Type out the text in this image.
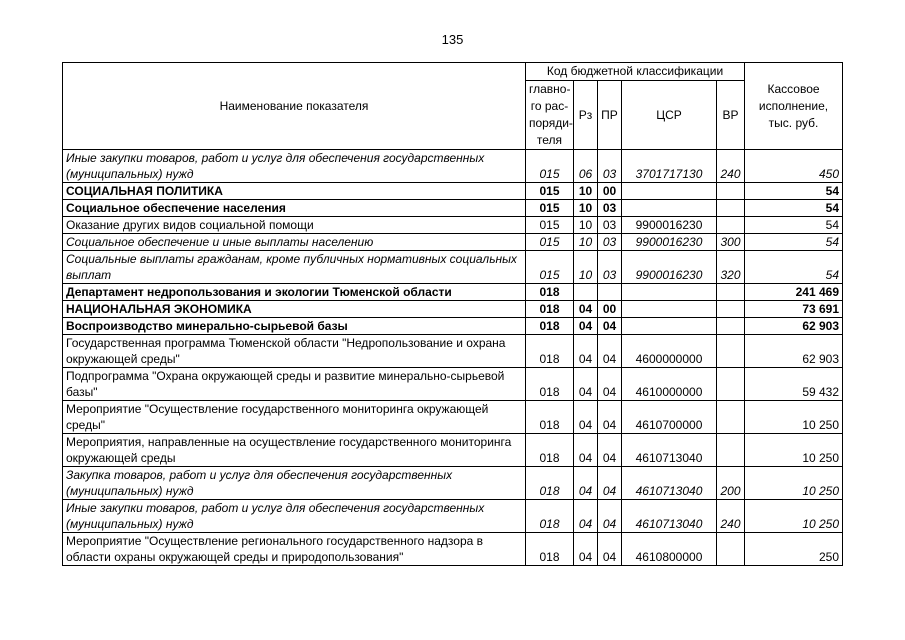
135
Наименование показателя	Код бюджетной классификации					Кассовое исполнение, тыс. руб.
	главно-го рас-поряди-теля	Рз	ПР	ЦСР	ВР	
Иные закупки товаров, работ и услуг для обеспечения государственных (муниципальных) нужд	015	06	03	3701717130	240	450
СОЦИАЛЬНАЯ ПОЛИТИКА	015	10	00			54
Социальное обеспечение населения	015	10	03			54
Оказание других видов социальной помощи	015	10	03	9900016230		54
Социальное обеспечение и иные выплаты населению	015	10	03	9900016230	300	54
Социальные выплаты гражданам, кроме публичных нормативных социальных выплат	015	10	03	9900016230	320	54
Департамент недропользования и экологии Тюменской области	018					241 469
НАЦИОНАЛЬНАЯ ЭКОНОМИКА	018	04	00			73 691
Воспроизводство минерально-сырьевой базы	018	04	04			62 903
Государственная программа Тюменской области "Недропользование и охрана окружающей среды"	018	04	04	4600000000		62 903
Подпрограмма "Охрана окружающей среды и развитие минерально-сырьевой базы"	018	04	04	4610000000		59 432
Мероприятие "Осуществление государственного мониторинга окружающей среды"	018	04	04	4610700000		10 250
Мероприятия, направленные на осуществление государственного мониторинга окружающей среды	018	04	04	4610713040		10 250
Закупка товаров, работ и услуг для обеспечения государственных (муниципальных) нужд	018	04	04	4610713040	200	10 250
Иные закупки товаров, работ и услуг для обеспечения государственных (муниципальных) нужд	018	04	04	4610713040	240	10 250
Мероприятие "Осуществление регионального государственного надзора в области охраны окружающей среды и природопользования"	018	04	04	4610800000		250
